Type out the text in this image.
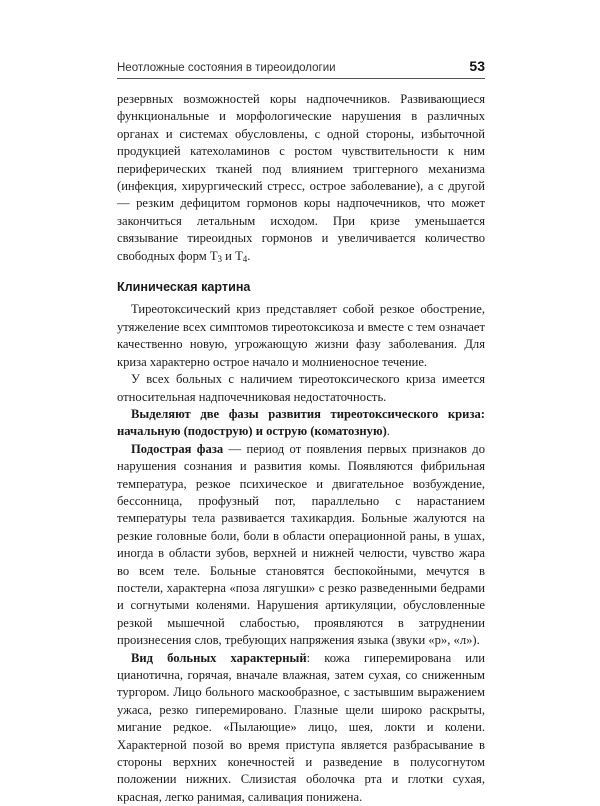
Неотложные состояния в тиреоидологии	53

резервных возможностей коры надпочечников. Развивающиеся функциональные и морфологические нарушения в различных органах и системах обусловлены, с одной стороны, избыточной продукцией катехоламинов с ростом чувствительности к ним периферических тканей под влиянием триггерного механизма (инфекция, хирургический стресс, острое заболевание), а с другой — резким дефицитом гормонов коры надпочечников, что может закончиться летальным исходом. При кризе уменьшается связывание тиреоидных гормонов и увеличивается количество свободных форм $T_3$ и $T_4$.

Клиническая картина

Тиреотоксический криз представляет собой резкое обострение, утяжеление всех симптомов тиреотоксикоза и вместе с тем означает качественно новую, угрожающую жизни фазу заболевания. Для криза характерно острое начало и молниеносное течение.

У всех больных с наличием тиреотоксического криза имеется относительная надпочечниковая недостаточность.

Выделяют две фазы развития тиреотоксического криза: начальную (подострую) и острую (коматозную).

Подострая фаза — период от появления первых признаков до нарушения сознания и развития комы. Появляются фибрильная температура, резкое психическое и двигательное возбуждение, бессонница, профузный пот, параллельно с нарастанием температуры тела развивается тахикардия. Больные жалуются на резкие головные боли, боли в области операционной раны, в ушах, иногда в области зубов, верхней и нижней челюсти, чувство жара во всем теле. Больные становятся беспокойными, мечутся в постели, характерна «поза лягушки» с резко разведенными бедрами и согнутыми коленями. Нарушения артикуляции, обусловленные резкой мышечной слабостью, проявляются в затруднении произнесения слов, требующих напряжения языка (звуки «р», «л»).

Вид больных характерный: кожа гиперемирована или цианотична, горячая, вначале влажная, затем сухая, со сниженным тургором. Лицо больного маскообразное, с застывшим выражением ужаса, резко гиперемировано. Глазные щели широко раскрыты, мигание редкое. «Пылающие» лицо, шея, локти и колени. Характерной позой во время приступа является разбрасывание в стороны верхних конечностей и разведение в полусогнутом положении нижних. Слизистая оболочка рта и глотки сухая, красная, легко ранимая, саливация понижена.
